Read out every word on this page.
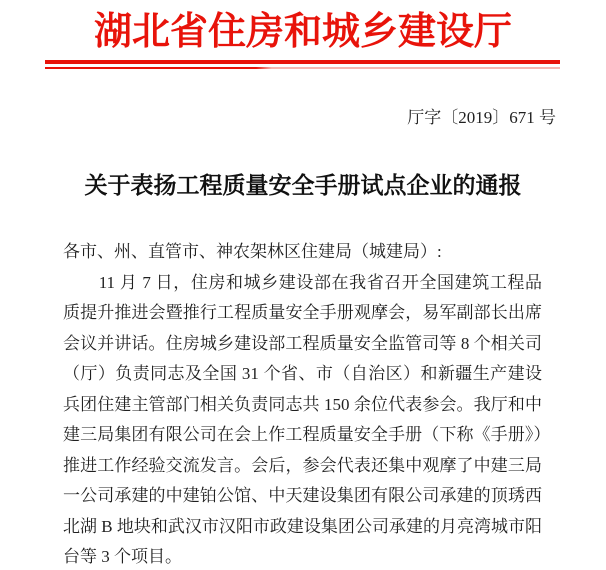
湖北省住房和城乡建设厅
厅字〔2019〕671 号
关于表扬工程质量安全手册试点企业的通报
各市、州、直管市、神农架林区住建局（城建局）:

11 月 7 日，住房和城乡建设部在我省召开全国建筑工程品质提升推进会暨推行工程质量安全手册观摩会，易军副部长出席会议并讲话。住房城乡建设部工程质量安全监管司等 8 个相关司（厅）负责同志及全国 31 个省、市（自治区）和新疆生产建设兵团住建主管部门相关负责同志共 150 余位代表参会。我厅和中建三局集团有限公司在会上作工程质量安全手册（下称《手册》）推进工作经验交流发言。会后，参会代表还集中观摩了中建三局一公司承建的中建铂公馆、中天建设集团有限公司承建的顶琇西北湖 B 地块和武汉市汉阳市政建设集团公司承建的月亮湾城市阳台等 3 个项目。
